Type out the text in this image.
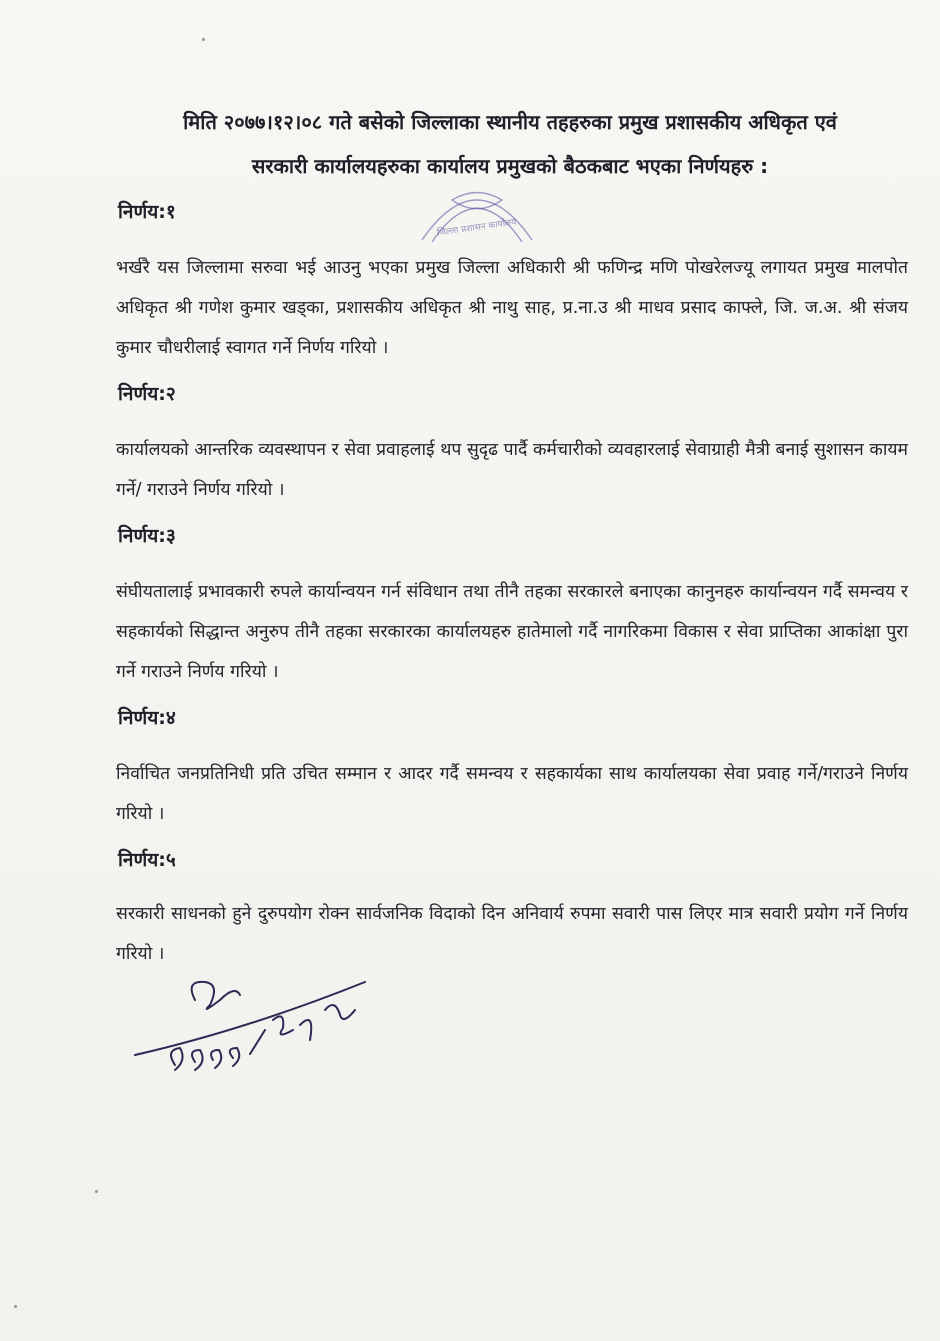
मिति २०७७।१२।०८ गते बसेको जिल्लाका स्थानीय तहहरुका प्रमुख प्रशासकीय अधिकृत एवं
सरकारी कार्यालयहरुका कार्यालय प्रमुखको बैठकबाट भएका निर्णयहरु :
जिल्ला प्रशासन कार्यालय
निर्णय:१
भर्खरै यस जिल्लामा सरुवा भई आउनु भएका प्रमुख जिल्ला अधिकारी श्री फणिन्द्र मणि पोखरेलज्यू लगायत प्रमुख मालपोत अधिकृत श्री गणेश कुमार खड्का, प्रशासकीय अधिकृत श्री नाथु साह, प्र.ना.उ श्री माधव प्रसाद काफ्ले, जि. ज.अ. श्री संजय कुमार चौधरीलाई स्वागत गर्ने निर्णय गरियो ।
निर्णय:२
कार्यालयको आन्तरिक व्यवस्थापन र सेवा प्रवाहलाई थप सुदृढ पार्दै कर्मचारीको व्यवहारलाई सेवाग्राही मैत्री बनाई सुशासन कायम गर्ने/ गराउने निर्णय गरियो ।
निर्णय:३
संघीयतालाई प्रभावकारी रुपले कार्यान्वयन गर्न संविधान तथा तीनै तहका सरकारले बनाएका कानुनहरु कार्यान्वयन गर्दै समन्वय र सहकार्यको सिद्धान्त अनुरुप तीनै तहका सरकारका कार्यालयहरु हातेमालो गर्दै नागरिकमा विकास र सेवा प्राप्तिका आकांक्षा पुरा गर्ने गराउने निर्णय गरियो ।
निर्णय:४
निर्वाचित जनप्रतिनिधी प्रति उचित सम्मान र आदर गर्दै समन्वय र सहकार्यका साथ कार्यालयका सेवा प्रवाह गर्ने/गराउने निर्णय गरियो ।
निर्णय:५
सरकारी साधनको हुने दुरुपयोग रोक्न सार्वजनिक विदाको दिन अनिवार्य रुपमा सवारी पास लिएर मात्र सवारी प्रयोग गर्ने निर्णय गरियो ।
२०७७/१२/०८
